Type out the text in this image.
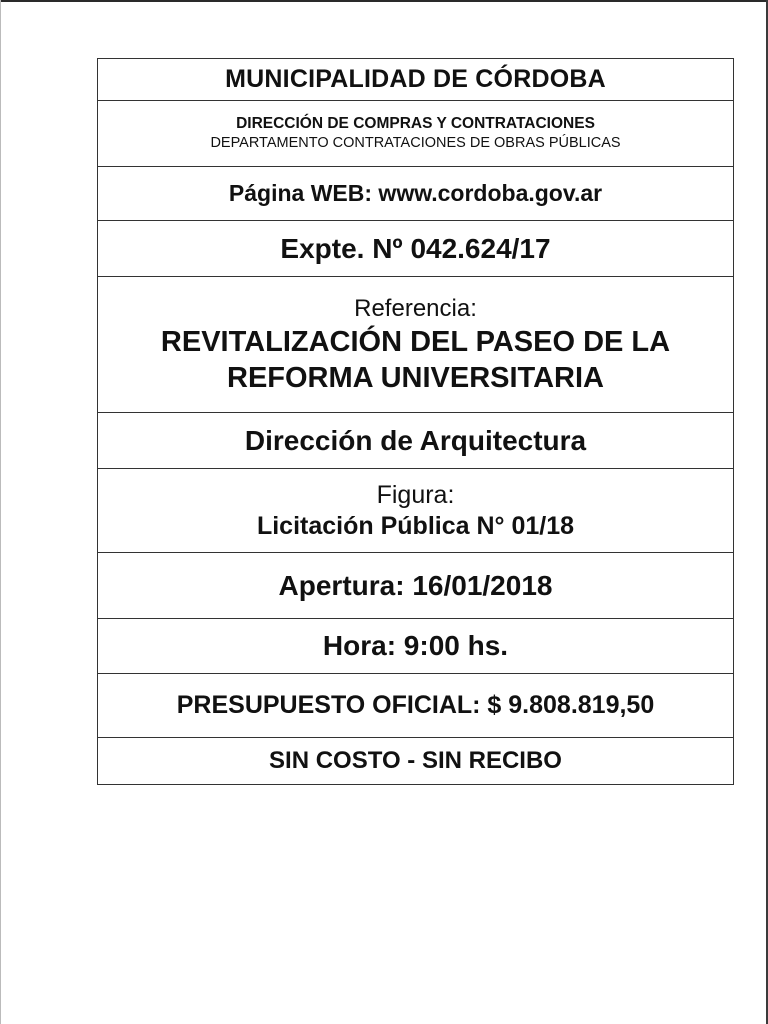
MUNICIPALIDAD DE CÓRDOBA
DIRECCIÓN DE COMPRAS Y CONTRATACIONES
DEPARTAMENTO CONTRATACIONES DE OBRAS PÚBLICAS
Página WEB: www.cordoba.gov.ar
Expte. Nº 042.624/17
Referencia:
REVITALIZACIÓN DEL PASEO DE LA
REFORMA UNIVERSITARIA
Dirección de Arquitectura
Figura:
Licitación Pública N° 01/18
Apertura: 16/01/2018
Hora: 9:00 hs.
PRESUPUESTO OFICIAL: $ 9.808.819,50
SIN COSTO - SIN RECIBO
